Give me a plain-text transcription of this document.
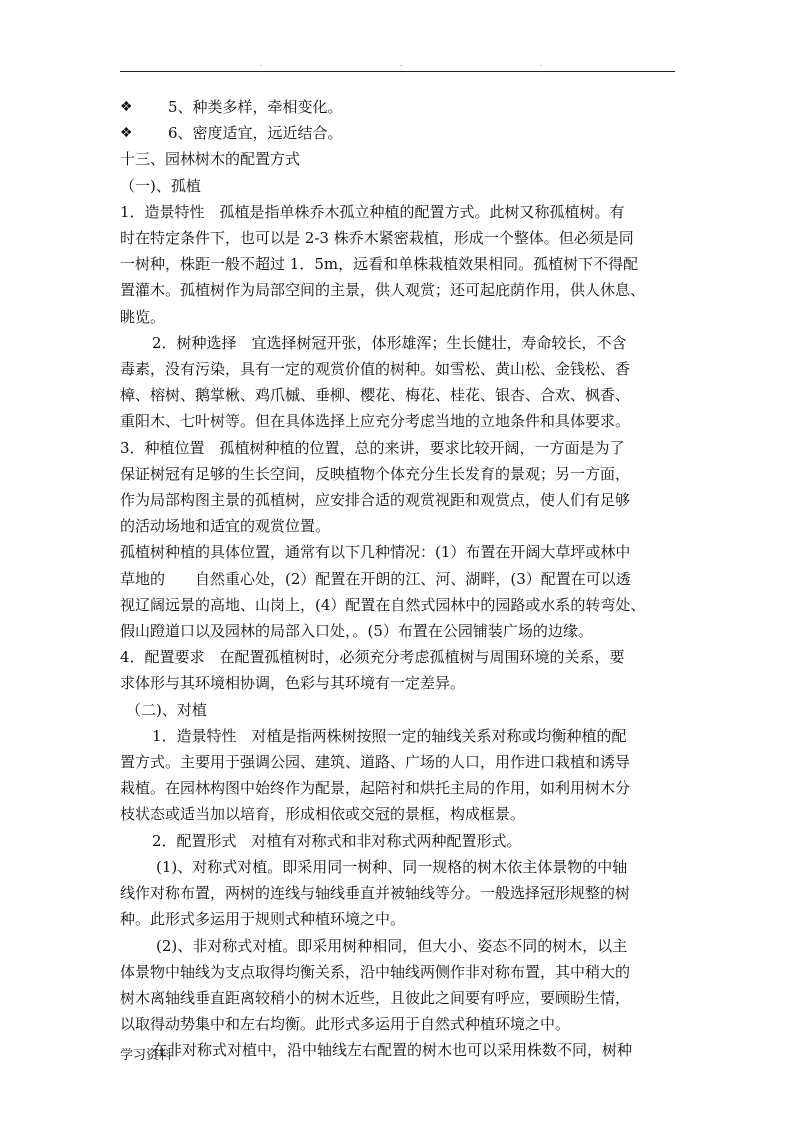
.	.	.
❖	5、种类多样，牵相变化。
❖	6、密度适宜，远近结合。
十三、园林树木的配置方式
（一)、孤植
1．造景特性　孤植是指单株乔木孤立种植的配置方式。此树又称孤植树。有
时在特定条件下，也可以是 2-3 株乔木紧密栽植，形成一个整体。但必须是同
一树种，株距一般不超过 1．5m，远看和单株栽植效果相同。孤植树下不得配
置灌木。孤植树作为局部空间的主景，供人观赏；还可起庇荫作用，供人休息、
眺览。
2．树种选择　宜选择树冠开张，体形雄浑；生长健壮，寿命较长，不含
毒素，没有污染，具有一定的观赏价值的树种。如雪松、黄山松、金钱松、香
樟、榕树、鹅掌楸、鸡爪槭、垂柳、樱花、梅花、桂花、银杏、合欢、枫香、
重阳木、七叶树等。但在具体选择上应充分考虑当地的立地条件和具体要求。
3．种植位置　孤植树种植的位置，总的来讲，要求比较开阔，一方面是为了
保证树冠有足够的生长空间，反映植物个体充分生长发育的景观；另一方面，
作为局部构图主景的孤植树，应安排合适的观赏视距和观赏点，使人们有足够
的活动场地和适宜的观赏位置。
孤植树种植的具体位置，通常有以下几种情况：(1）布置在开阔大草坪或林中
草地的　　自然重心处，(2）配置在开朗的江、河、湖畔，(3）配置在可以透
视辽阔远景的高地、山岗上，(4）配置在自然式园林中的园路或水系的转弯处、
假山蹬道口以及园林的局部入口处，。(5）布置在公园铺装广场的边缘。
4．配置要求　在配置孤植树时，必须充分考虑孤植树与周围环境的关系，要
求体形与其环境相协调，色彩与其环境有一定差异。
（二)、对植
1．造景特性　对植是指两株树按照一定的轴线关系对称或均衡种植的配
置方式。主要用于强调公园、建筑、道路、广场的人口，用作进口栽植和诱导
栽植。在园林构图中始终作为配景，起陪衬和烘托主局的作用，如利用树木分
枝状态或适当加以培育，形成相依或交冠的景框，构成框景。
2．配置形式　对植有对称式和非对称式两种配置形式。
(1)、对称式对植。即采用同一树种、同一规格的树木依主体景物的中轴
线作对称布置，两树的连线与轴线垂直并被轴线等分。一般选择冠形规整的树
种。此形式多运用于规则式种植环境之中。
(2)、非对称式对植。即采用树种相同，但大小、姿态不同的树木，以主
体景物中轴线为支点取得均衡关系，沿中轴线两侧作非对称布置，其中稍大的
树木离轴线垂直距离较稍小的树木近些，且彼此之间要有呼应，要顾盼生情，
以取得动势集中和左右均衡。此形式多运用于自然式种植环境之中。
在非对称式对植中，沿中轴线左右配置的树木也可以采用株数不同，树种
学习资料
